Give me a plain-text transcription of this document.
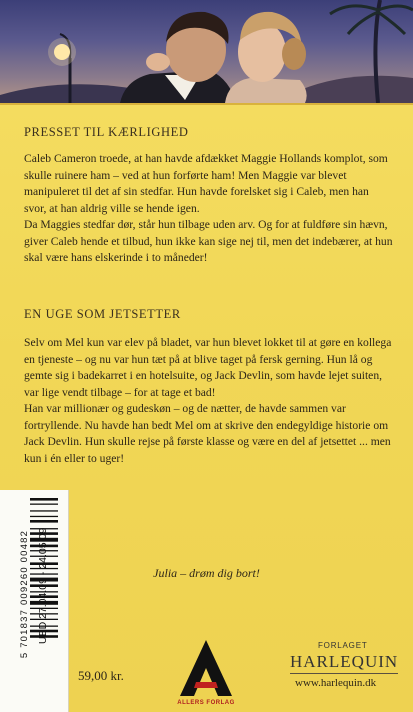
PRESSET TIL KÆRLIGHED

Caleb Cameron troede, at han havde afdækket Maggie Hollands komplot, som skulle ruinere ham – ved at hun forførte ham! Men Maggie var blevet manipuleret til det af sin stedfar. Hun havde forelsket sig i Caleb, men han svor, at han aldrig ville se hende igen.

Da Maggies stedfar dør, står hun tilbage uden arv. Og for at fuldføre sin hævn, giver Caleb hende et tilbud, hun ikke kan sige nej til, men det indebærer, at hun skal være hans elskerinde i to måneder!

EN UGE SOM JETSETTER

Selv om Mel kun var elev på bladet, var hun blevet lokket til at gøre en kollega en tjeneste – og nu var hun tæt på at blive taget på fersk gerning. Hun lå og gemte sig i badekarret i en hotelsuite, og Jack Devlin, som havde lejet suiten, var lige vendt tilbage – for at tage et bad!

Han var millionær og gudeskøn – og de nætter, de havde sammen var fortryllende. Nu havde han bedt Mel om at skrive den endegyldige historie om Jack Devlin. Hun skulle rejse på første klasse og være en del af jetsettet ... men kun i én eller to uger!

Julia – drøm dig bort!
5 701837 009260 00482
59,00 kr.
ALLERS FORLAG
FORLAGET
HARLEQUIN
www.harlequin.dk
